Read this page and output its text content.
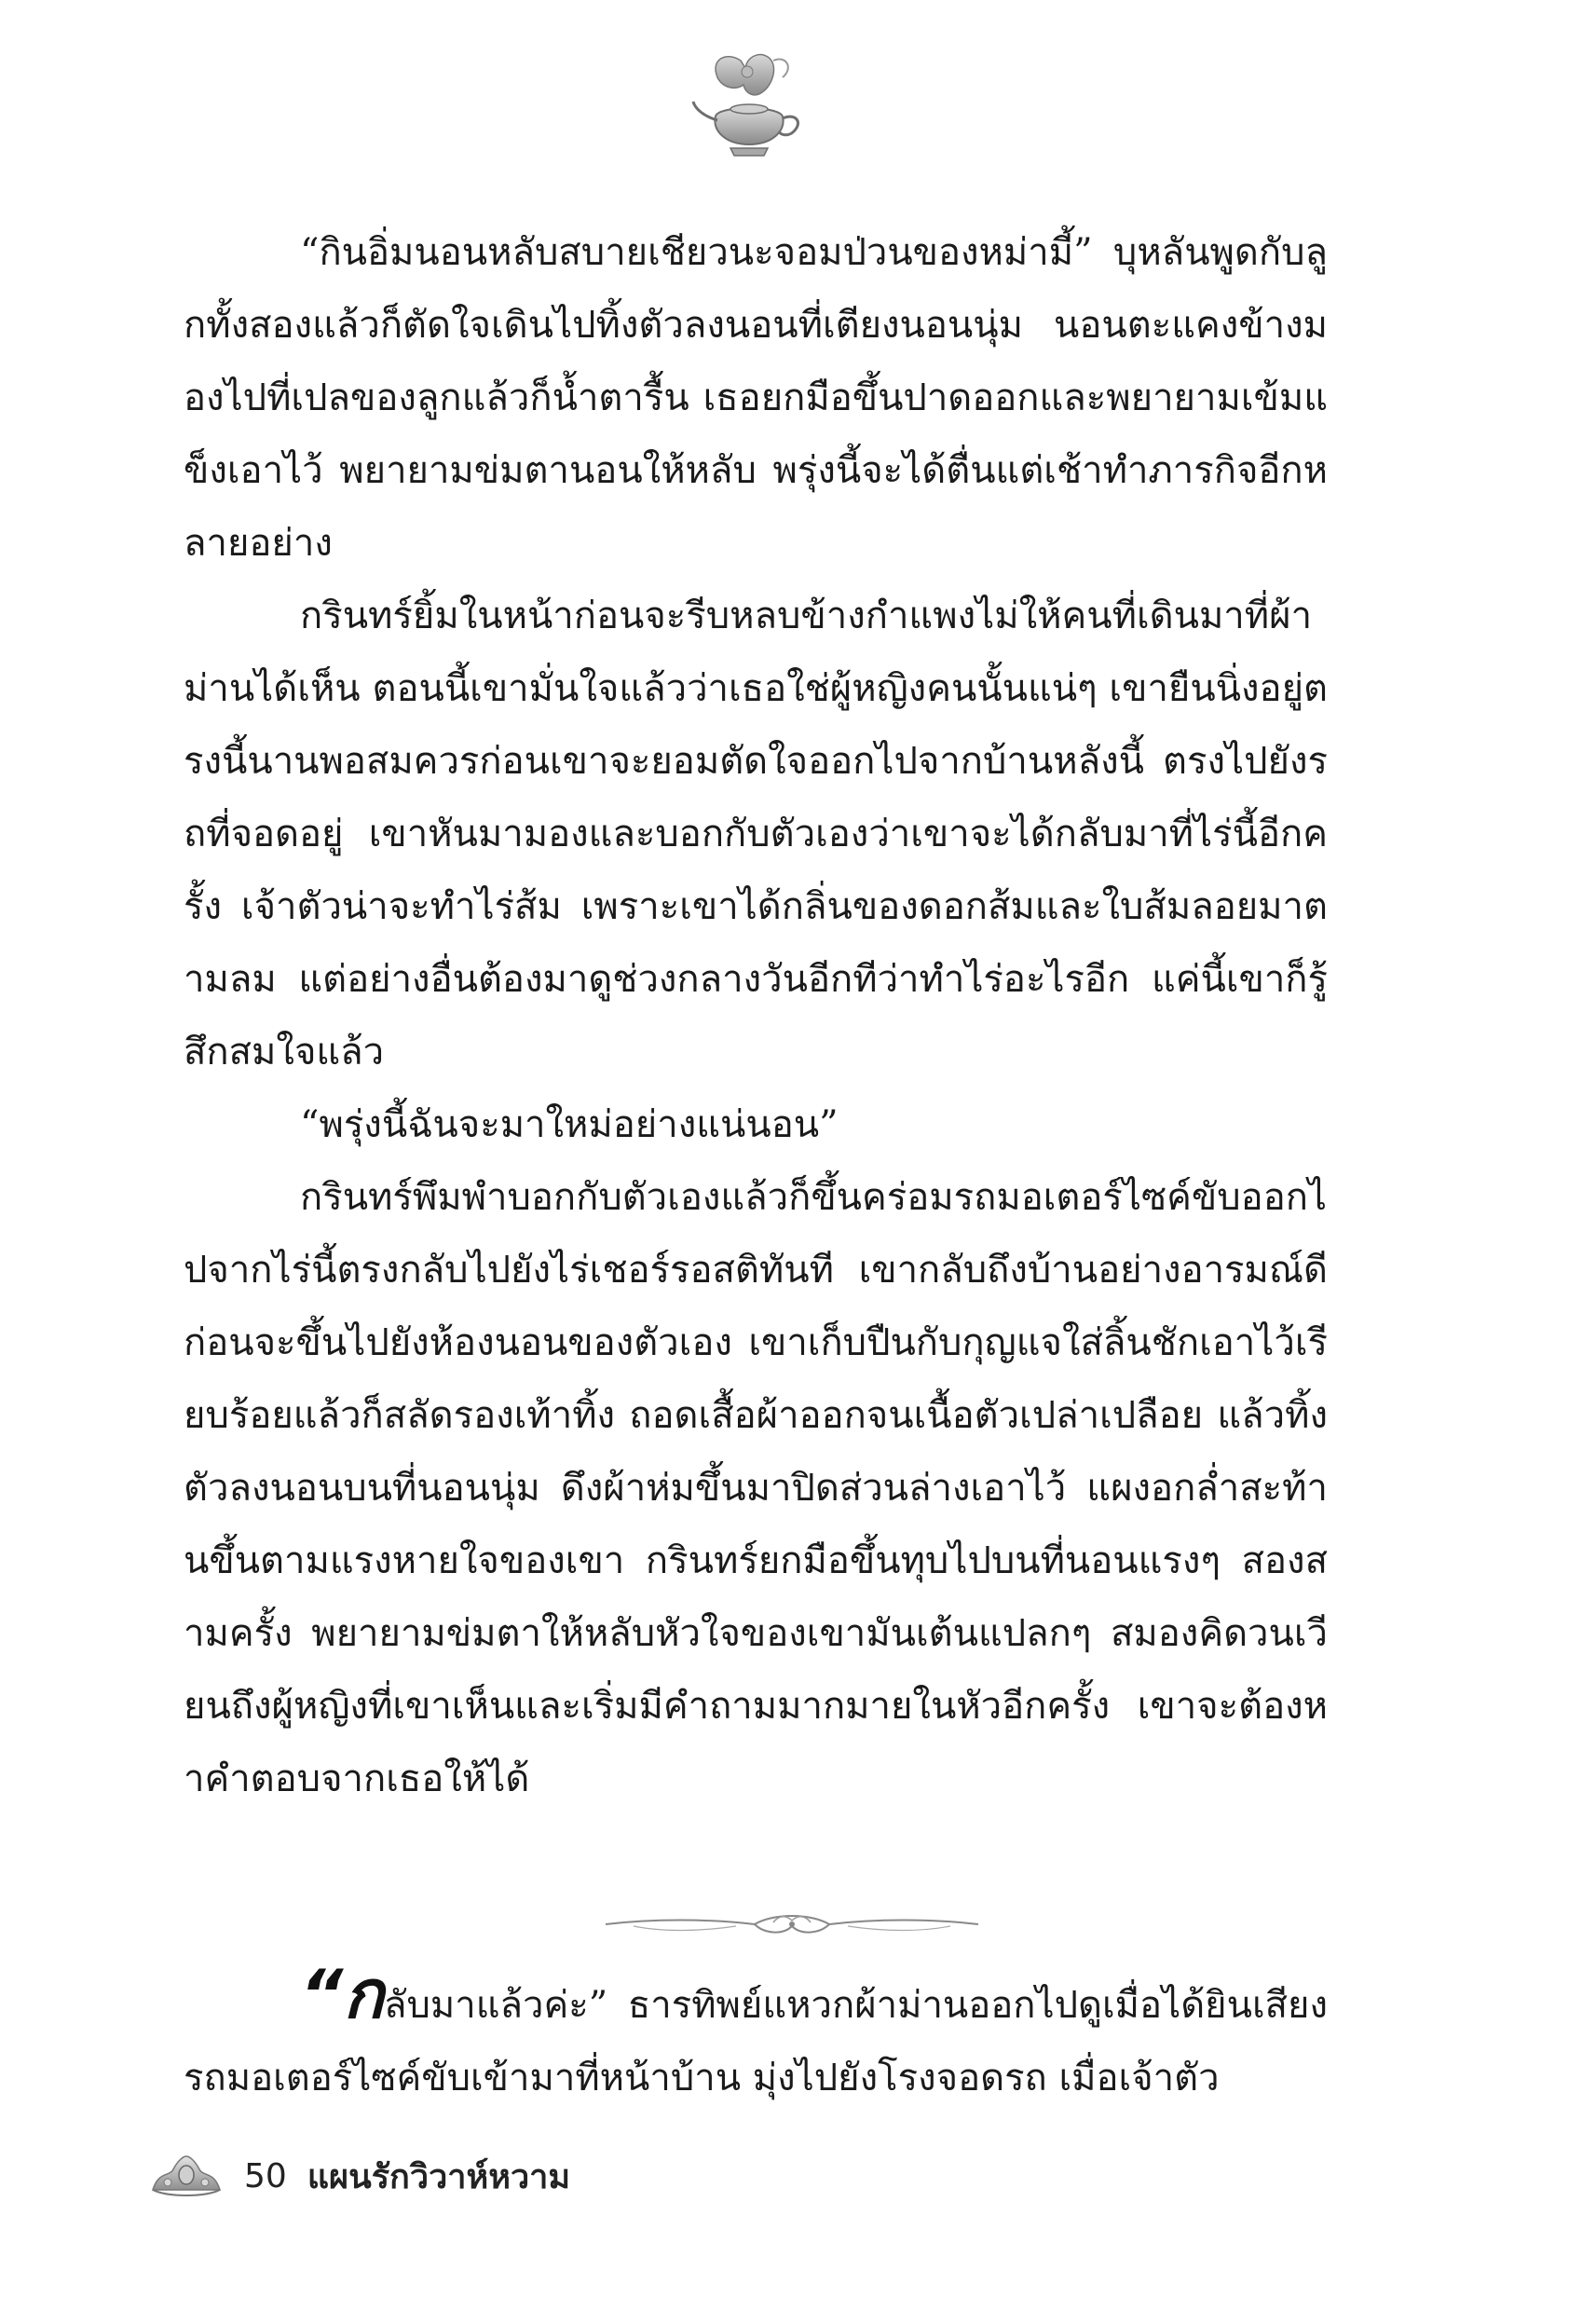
“กินอิ่มนอนหลับสบายเชียวนะจอมป่วนของหม่ามี้” บุหลันพูดกับลูกทั้งสองแล้วก็ตัดใจเดินไปทิ้งตัวลงนอนที่เตียงนอนนุ่ม นอนตะแคงข้างมองไปที่เปลของลูกแล้วก็น้ำตารื้น เธอยกมือขึ้นปาดออกและพยายามเข้มแข็งเอาไว้ พยายามข่มตานอนให้หลับ พรุ่งนี้จะได้ตื่นแต่เช้าทำภารกิจอีกหลายอย่าง

กรินทร์ยิ้มในหน้าก่อนจะรีบหลบข้างกำแพงไม่ให้คนที่เดินมาที่ผ้าม่านได้เห็น ตอนนี้เขามั่นใจแล้วว่าเธอใช่ผู้หญิงคนนั้นแน่ๆ เขายืนนิ่งอยู่ตรงนี้นานพอสมควรก่อนเขาจะยอมตัดใจออกไปจากบ้านหลังนี้ ตรงไปยังรถที่จอดอยู่ เขาหันมามองและบอกกับตัวเองว่าเขาจะได้กลับมาที่ไร่นี้อีกครั้ง เจ้าตัวน่าจะทำไร่ส้ม เพราะเขาได้กลิ่นของดอกส้มและใบส้มลอยมาตามลม แต่อย่างอื่นต้องมาดูช่วงกลางวันอีกทีว่าทำไร่อะไรอีก แค่นี้เขาก็รู้สึกสมใจแล้ว

“พรุ่งนี้ฉันจะมาใหม่อย่างแน่นอน”

กรินทร์พึมพำบอกกับตัวเองแล้วก็ขึ้นคร่อมรถมอเตอร์ไซค์ขับออกไปจากไร่นี้ตรงกลับไปยังไร่เชอร์รอสติทันที เขากลับถึงบ้านอย่างอารมณ์ดี ก่อนจะขึ้นไปยังห้องนอนของตัวเอง เขาเก็บปืนกับกุญแจใส่ลิ้นชักเอาไว้เรียบร้อยแล้วก็สลัดรองเท้าทิ้ง ถอดเสื้อผ้าออกจนเนื้อตัวเปล่าเปลือย แล้วทิ้งตัวลงนอนบนที่นอนนุ่ม ดึงผ้าห่มขึ้นมาปิดส่วนล่างเอาไว้ แผงอกล่ำสะท้านขึ้นตามแรงหายใจของเขา กรินทร์ยกมือขึ้นทุบไปบนที่นอนแรงๆ สองสามครั้ง พยายามข่มตาให้หลับหัวใจของเขามันเต้นแปลกๆ สมองคิดวนเวียนถึงผู้หญิงที่เขาเห็นและเริ่มมีคำถามมากมายในหัวอีกครั้ง เขาจะต้องหาคำตอบจากเธอให้ได้

“กลับมาแล้วค่ะ” ธารทิพย์แหวกผ้าม่านออกไปดูเมื่อได้ยินเสียงรถมอเตอร์ไซค์ขับเข้ามาที่หน้าบ้าน มุ่งไปยังโรงจอดรถ เมื่อเจ้าตัว

50 แผนรักวิวาห์หวาม
